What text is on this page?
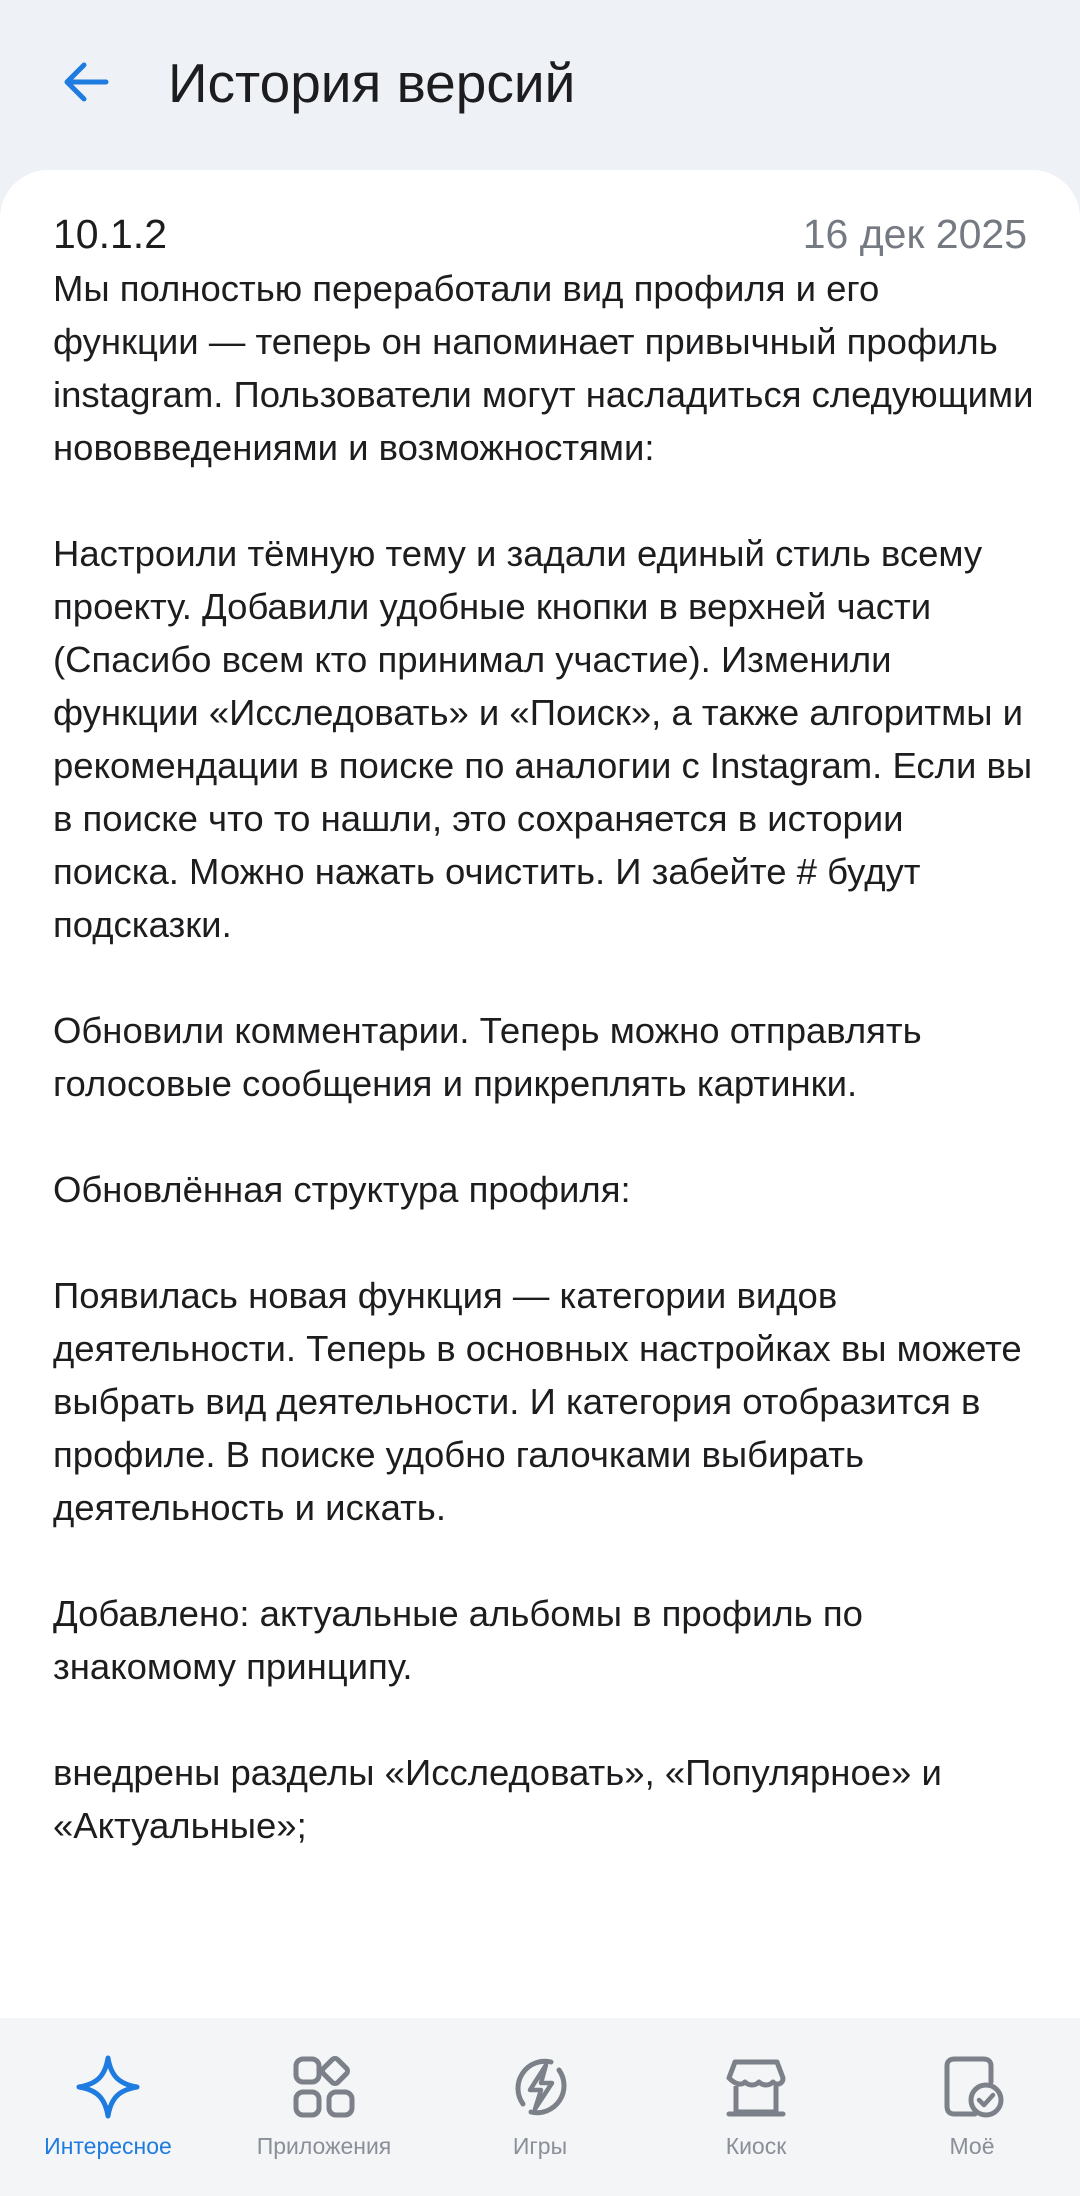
История версий
10.1.2	16 дек 2025

Мы полностью переработали вид профиля и его функции — теперь он напоминает привычный профиль instagram. Пользователи могут насладиться следующими нововведениями и возможностями:

Настроили тёмную тему и задали единый стиль всему проекту. Добавили удобные кнопки в верхней части (Спасибо всем кто принимал участие). Изменили функции «Исследовать» и «Поиск», а также алгоритмы и рекомендации в поиске по аналогии с Instagram. Если вы в поиске что то нашли, это сохраняется в истории поиска. Можно нажать очистить. И забейте # будут подсказки.

Обновили комментарии. Теперь можно отправлять голосовые сообщения и прикреплять картинки.

Обновлённая структура профиля:

Появилась новая функция — категории видов деятельности. Теперь в основных настройках вы можете выбрать вид деятельности. И категория отобразится в профиле. В поиске удобно галочками выбирать деятельность и искать.

Добавлено: актуальные альбомы в профиль по знакомому принципу.

внедрены разделы «Исследовать», «Популярное» и «Актуальные»;

Интересное	Приложения	Игры	Киоск	Моё
